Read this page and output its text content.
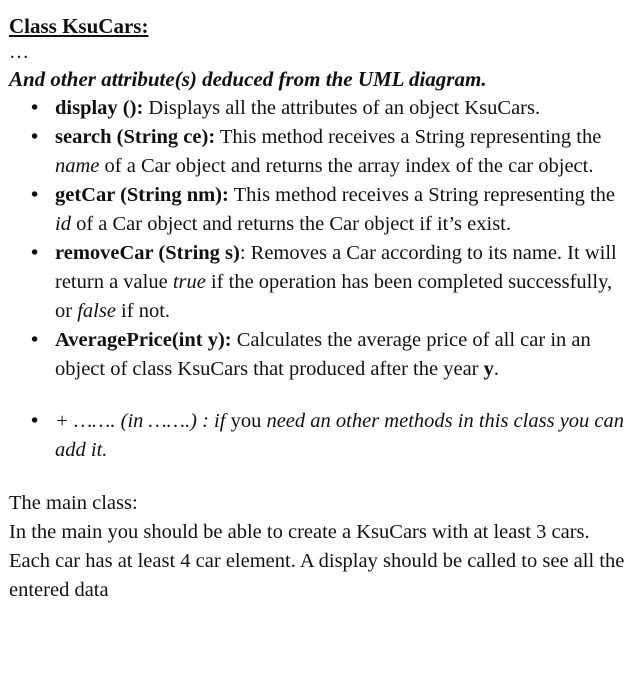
Class KsuCars:

…

And other attribute(s) deduced from the UML diagram.

• display (): Displays all the attributes of an object KsuCars.
• search (String ce): This method receives a String representing the name of a Car object and returns the array index of the car object.
• getCar (String nm): This method receives a String representing the id of a Car object and returns the Car object if it’s exist.
• removeCar (String s): Removes a Car according to its name. It will return a value true if the operation has been completed successfully, or false if not.
• AveragePrice(int y): Calculates the average price of all car in an object of class KsuCars that produced after the year y.
• + ……. (in …….) : if you need an other methods in this class you can add it.
The main class:

In the main you should be able to create a KsuCars with at least 3 cars. Each car has at least 4 car element. A display should be called to see all the entered data
